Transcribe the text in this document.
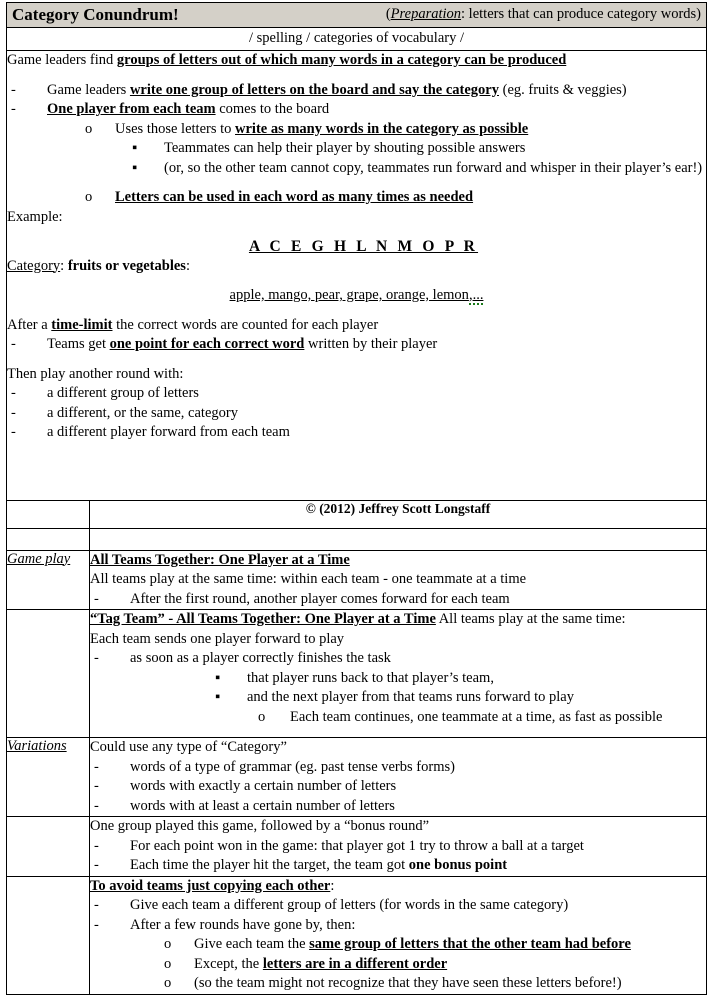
Category Conundrum! (Preparation: letters that can produce category words)	

/ spelling / categories of vocabulary /	

Game leaders find groups of letters out of which many words in a category can be produced
-	Game leaders write one group of letters on the board and say the category (eg. fruits & veggies)
-	One player from each team comes to the board
o	Uses those letters to write as many words in the category as possible
▪	Teammates can help their player by shouting possible answers
▪	(or, so the other team cannot copy, teammates run forward and whisper in their player’s ear!)
o	Letters can be used in each word as many times as needed
Example:
A C E G H L N M O P R
Category: fruits or vegetables:
apple, mango, pear, grape, orange, lemon,...
After a time-limit the correct words are counted for each player
-	Teams get one point for each correct word written by their player
Then play another round with:
-	a different group of letters
-	a different, or the same, category
-	a different player forward from each team

	© (2012) Jeffrey Scott Longstaff

Game play	All Teams Together: One Player at a Time
All teams play at the same time: within each team - one teammate at a time
- After the first round, another player comes forward for each team

“Tag Team” - All Teams Together: One Player at a Time All teams play at the same time:
Each team sends one player forward to play
-	as soon as a player correctly finishes the task
▪	that player runs back to that player’s team,
▪	and the next player from that teams runs forward to play
o	Each team continues, one teammate at a time, as fast as possible

Variations	Could use any type of “Category”
-	words of a type of grammar (eg. past tense verbs forms)
-	words with exactly a certain number of letters
-	words with at least a certain number of letters

	One group played this game, followed by a “bonus round”
- For each point won in the game: that player got 1 try to throw a ball at a target
- Each time the player hit the target, the team got one bonus point

To avoid teams just copying each other:
-	Give each team a different group of letters (for words in the same category)
-	After a few rounds have gone by, then:
o	Give each team the same group of letters that the other team had before
o	Except, the letters are in a different order
o	(so the team might not recognize that they have seen these letters before!)
